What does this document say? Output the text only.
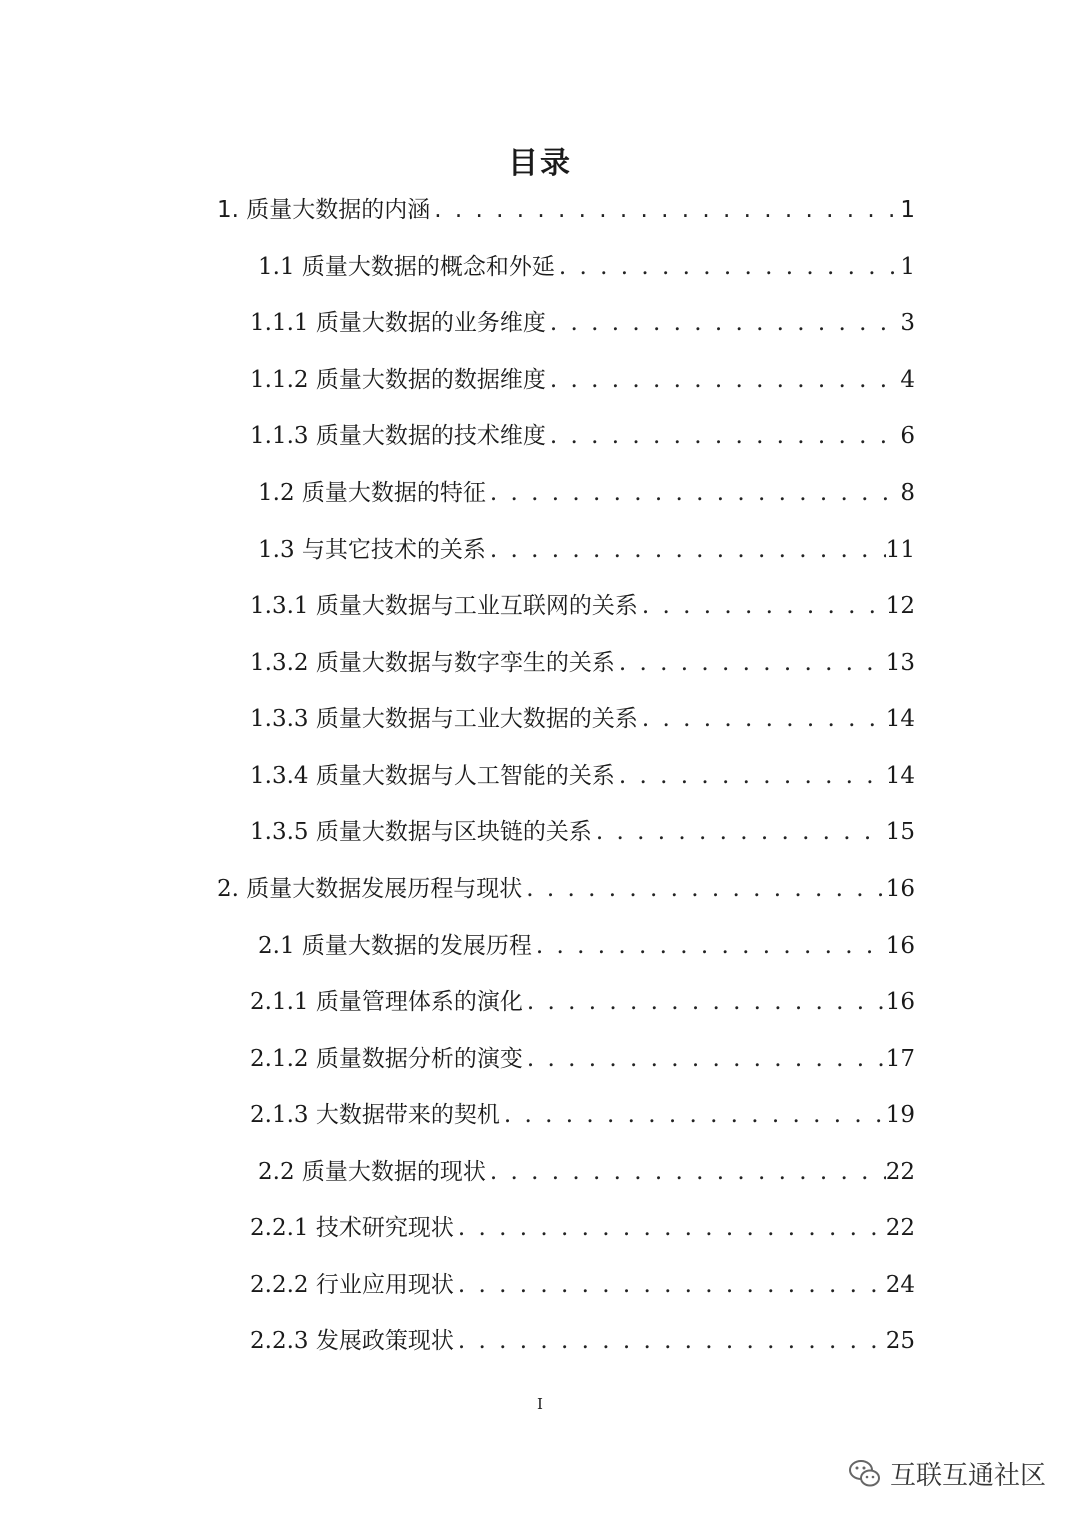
目录
1. 质量大数据的内涵 . . .	1
1.1 质量大数据的概念和外延 . . .	1
1.1.1 质量大数据的业务维度 . . .	3
1.1.2 质量大数据的数据维度 . . .	4
1.1.3 质量大数据的技术维度 . . .	6
1.2 质量大数据的特征 . . .	8
1.3 与其它技术的关系 . . .	11
1.3.1 质量大数据与工业互联网的关系 . . .	12
1.3.2 质量大数据与数字孪生的关系 . . .	13
1.3.3 质量大数据与工业大数据的关系 . . .	14
1.3.4 质量大数据与人工智能的关系 . . .	14
1.3.5 质量大数据与区块链的关系 . . .	15
2. 质量大数据发展历程与现状 . . .	16
2.1 质量大数据的发展历程 . . .	16
2.1.1 质量管理体系的演化 . . .	16
2.1.2 质量数据分析的演变 . . .	17
2.1.3 大数据带来的契机 . . .	19
2.2 质量大数据的现状 . . .	22
2.2.1 技术研究现状 . . .	22
2.2.2 行业应用现状 . . .	24
2.2.3 发展政策现状 . . .	25
I
互联互通社区
